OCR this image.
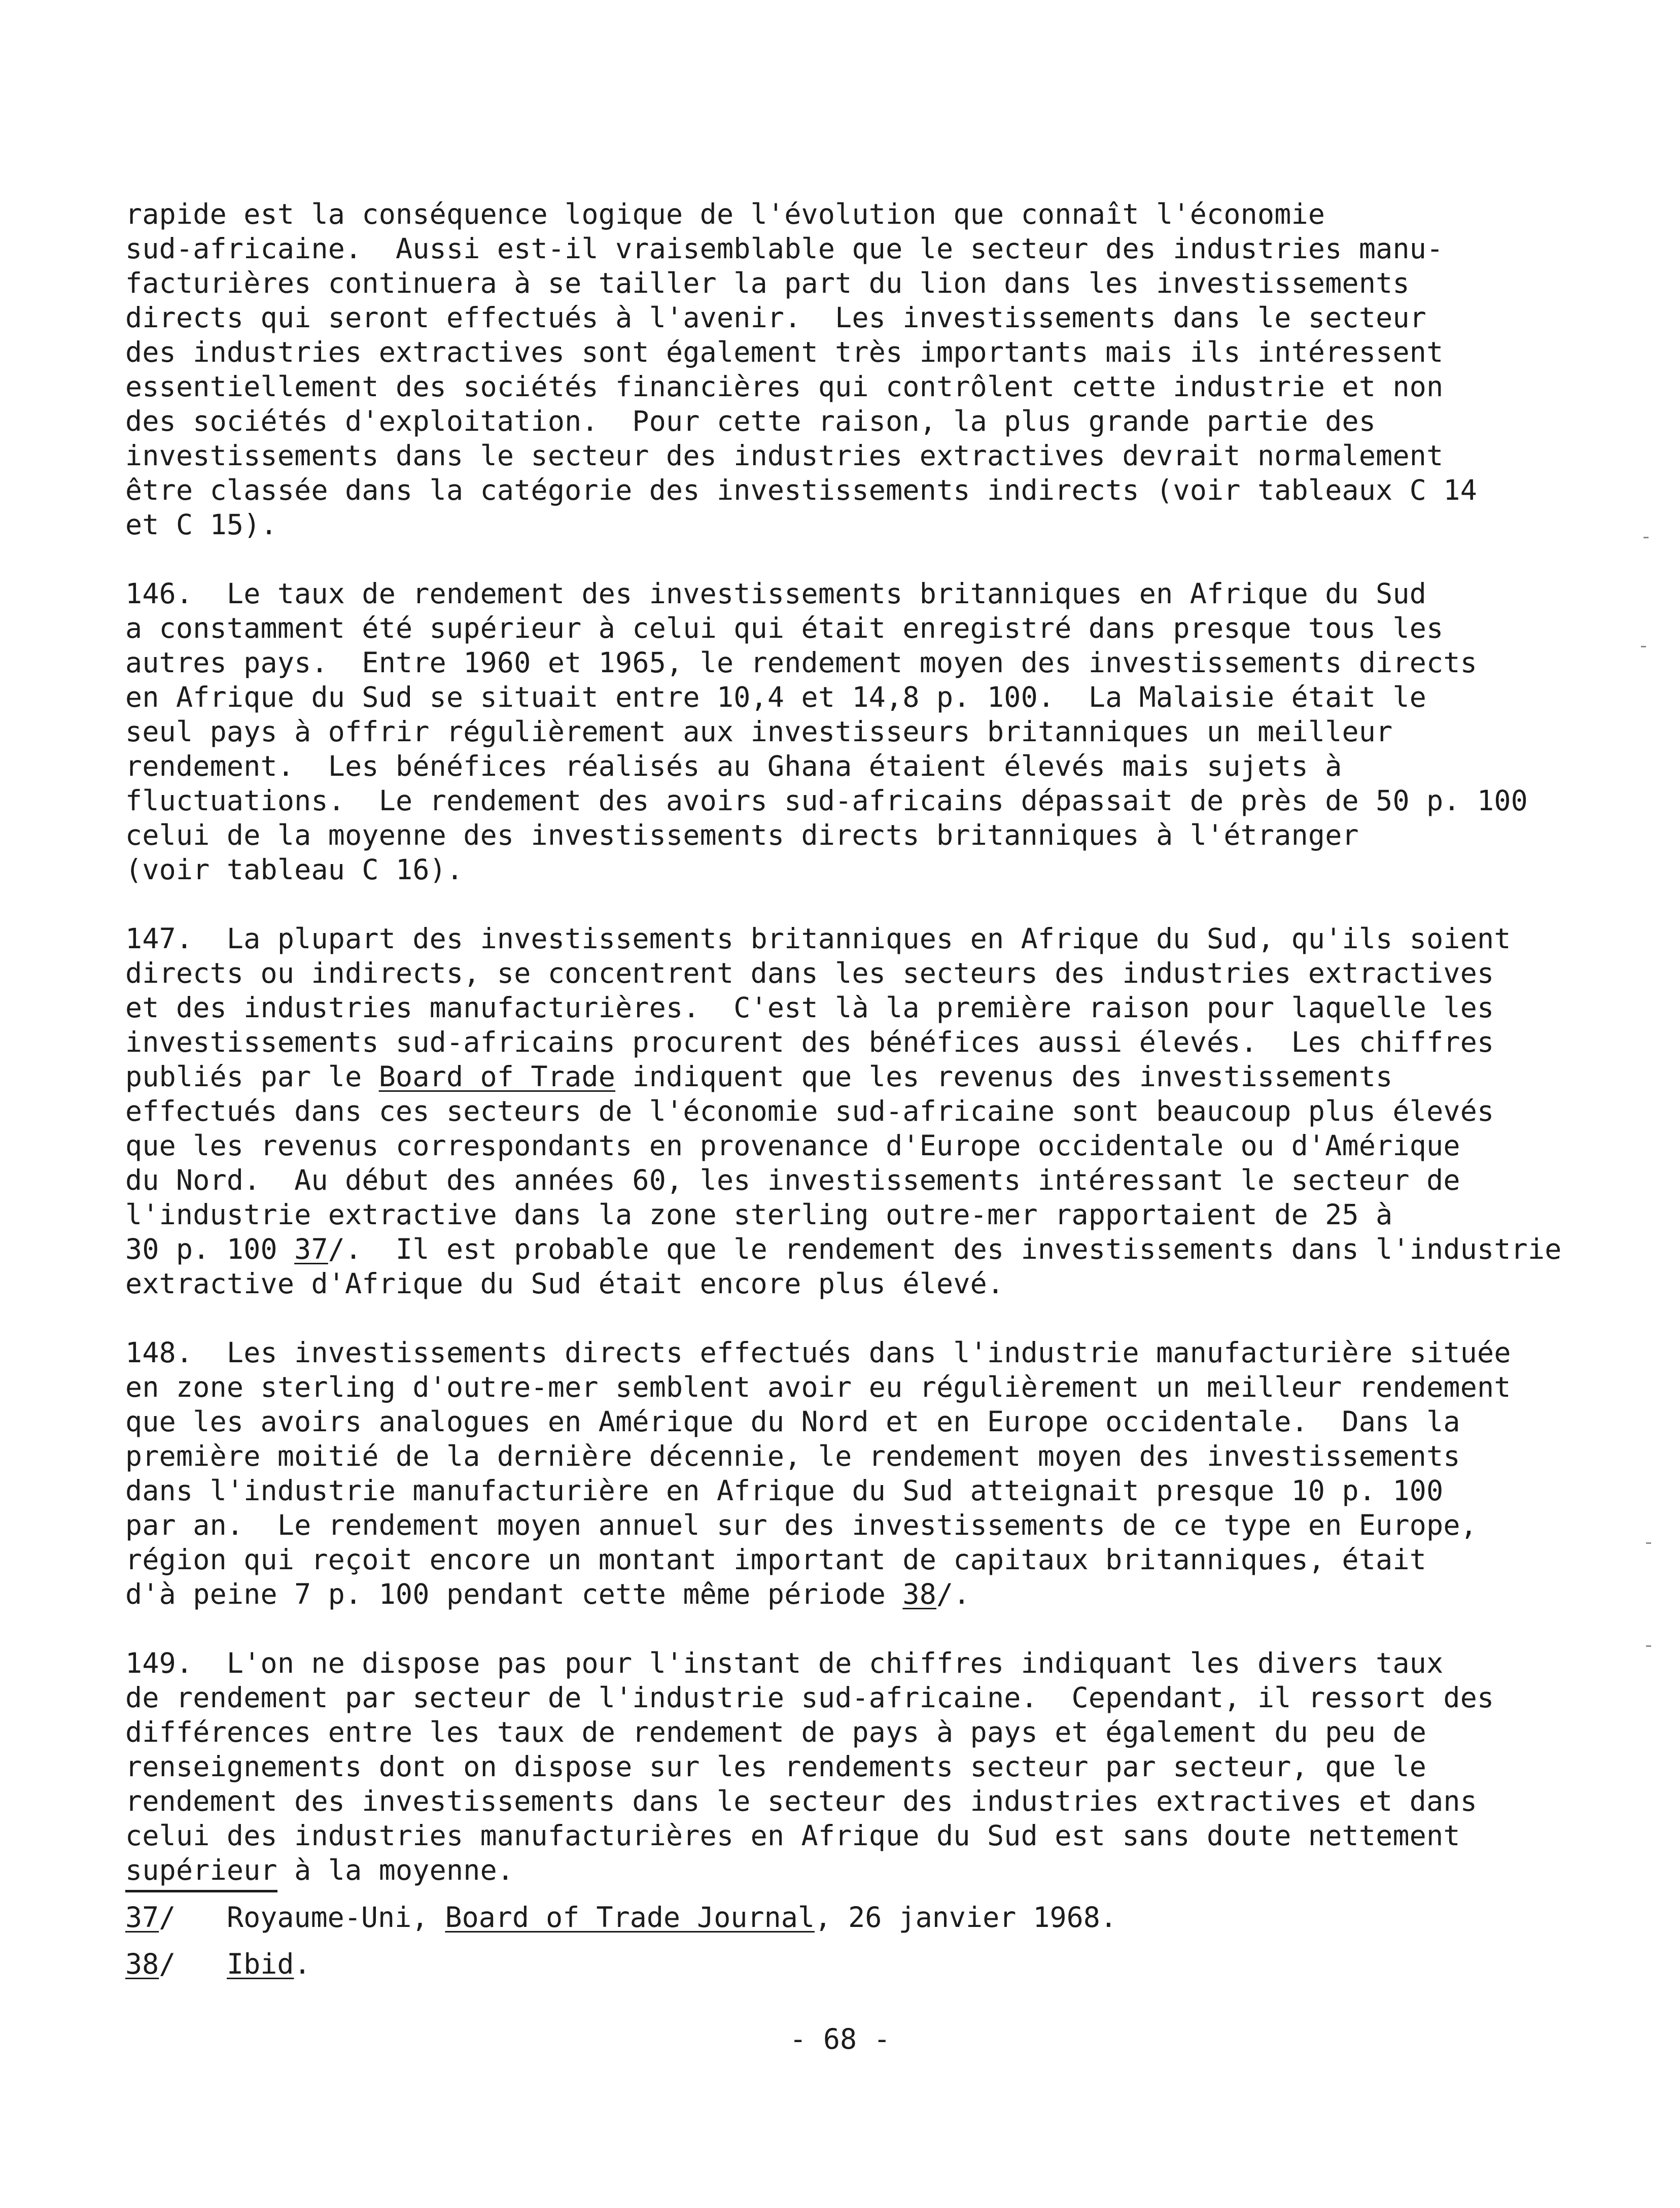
rapide est la conséquence logique de l'évolution que connaît l'économie
sud-africaine.  Aussi est-il vraisemblable que le secteur des industries manu-
facturières continuera à se tailler la part du lion dans les investissements
directs qui seront effectués à l'avenir.  Les investissements dans le secteur
des industries extractives sont également très importants mais ils intéressent
essentiellement des sociétés financières qui contrôlent cette industrie et non
des sociétés d'exploitation.  Pour cette raison, la plus grande partie des
investissements dans le secteur des industries extractives devrait normalement
être classée dans la catégorie des investissements indirects (voir tableaux C 14
et C 15).
146.  Le taux de rendement des investissements britanniques en Afrique du Sud
a constamment été supérieur à celui qui était enregistré dans presque tous les
autres pays.  Entre 1960 et 1965, le rendement moyen des investissements directs
en Afrique du Sud se situait entre 10,4 et 14,8 p. 100.  La Malaisie était le
seul pays à offrir régulièrement aux investisseurs britanniques un meilleur
rendement.  Les bénéfices réalisés au Ghana étaient élevés mais sujets à
fluctuations.  Le rendement des avoirs sud-africains dépassait de près de 50 p. 100
celui de la moyenne des investissements directs britanniques à l'étranger
(voir tableau C 16).
147.  La plupart des investissements britanniques en Afrique du Sud, qu'ils soient
directs ou indirects, se concentrent dans les secteurs des industries extractives
et des industries manufacturières.  C'est là la première raison pour laquelle les
investissements sud-africains procurent des bénéfices aussi élevés.  Les chiffres
publiés par le Board of Trade indiquent que les revenus des investissements
effectués dans ces secteurs de l'économie sud-africaine sont beaucoup plus élevés
que les revenus correspondants en provenance d'Europe occidentale ou d'Amérique
du Nord.  Au début des années 60, les investissements intéressant le secteur de
l'industrie extractive dans la zone sterling outre-mer rapportaient de 25 à
30 p. 100 37/.  Il est probable que le rendement des investissements dans l'industrie
extractive d'Afrique du Sud était encore plus élevé.
148.  Les investissements directs effectués dans l'industrie manufacturière située
en zone sterling d'outre-mer semblent avoir eu régulièrement un meilleur rendement
que les avoirs analogues en Amérique du Nord et en Europe occidentale.  Dans la
première moitié de la dernière décennie, le rendement moyen des investissements
dans l'industrie manufacturière en Afrique du Sud atteignait presque 10 p. 100
par an.  Le rendement moyen annuel sur des investissements de ce type en Europe,
région qui reçoit encore un montant important de capitaux britanniques, était
d'à peine 7 p. 100 pendant cette même période 38/.
149.  L'on ne dispose pas pour l'instant de chiffres indiquant les divers taux
de rendement par secteur de l'industrie sud-africaine.  Cependant, il ressort des
différences entre les taux de rendement de pays à pays et également du peu de
renseignements dont on dispose sur les rendements secteur par secteur, que le
rendement des investissements dans le secteur des industries extractives et dans
celui des industries manufacturières en Afrique du Sud est sans doute nettement
supérieur à la moyenne.
37/	Royaume-Uni, Board of Trade Journal, 26 janvier 1968.
38/	Ibid.
- 68 -
